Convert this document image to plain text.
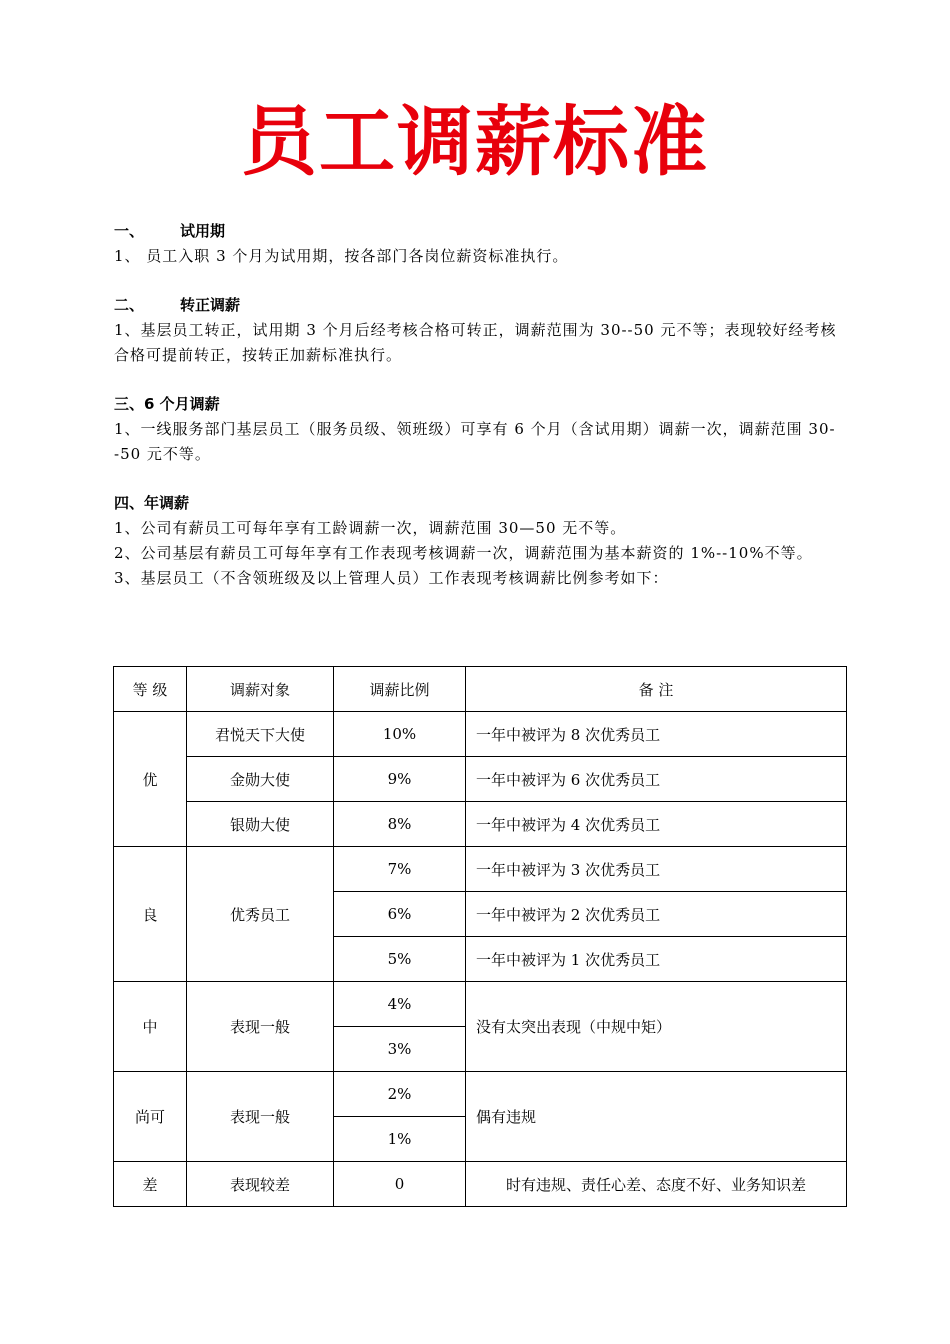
员工调薪标准
一、 试用期
1、 员工入职 3 个月为试用期，按各部门各岗位薪资标准执行。
二、 转正调薪
1、基层员工转正，试用期 3 个月后经考核合格可转正，调薪范围为 30--50 元不等；表现较好经考核合格可提前转正，按转正加薪标准执行。
三、6 个月调薪
1、一线服务部门基层员工（服务员级、领班级）可享有 6 个月（含试用期）调薪一次，调薪范围 30--50 元不等。
四、年调薪
1、公司有薪员工可每年享有工龄调薪一次，调薪范围 30—50 无不等。
2、公司基层有薪员工可每年享有工作表现考核调薪一次，调薪范围为基本薪资的 1%--10%不等。
3、基层员工（不含领班级及以上管理人员）工作表现考核调薪比例参考如下：
等 级	调薪对象	调薪比例	备 注
优	君悦天下大使	10%	一年中被评为 8 次优秀员工
	金勋大使	9%	一年中被评为 6 次优秀员工
	银勋大使	8%	一年中被评为 4 次优秀员工
良	优秀员工	7%	一年中被评为 3 次优秀员工
		6%	一年中被评为 2 次优秀员工
		5%	一年中被评为 1 次优秀员工
中	表现一般	4%	没有太突出表现（中规中矩）
		3%	
尚可	表现一般	2%	偶有违规
		1%	
差	表现较差	0	时有违规、责任心差、态度不好、业务知识差
